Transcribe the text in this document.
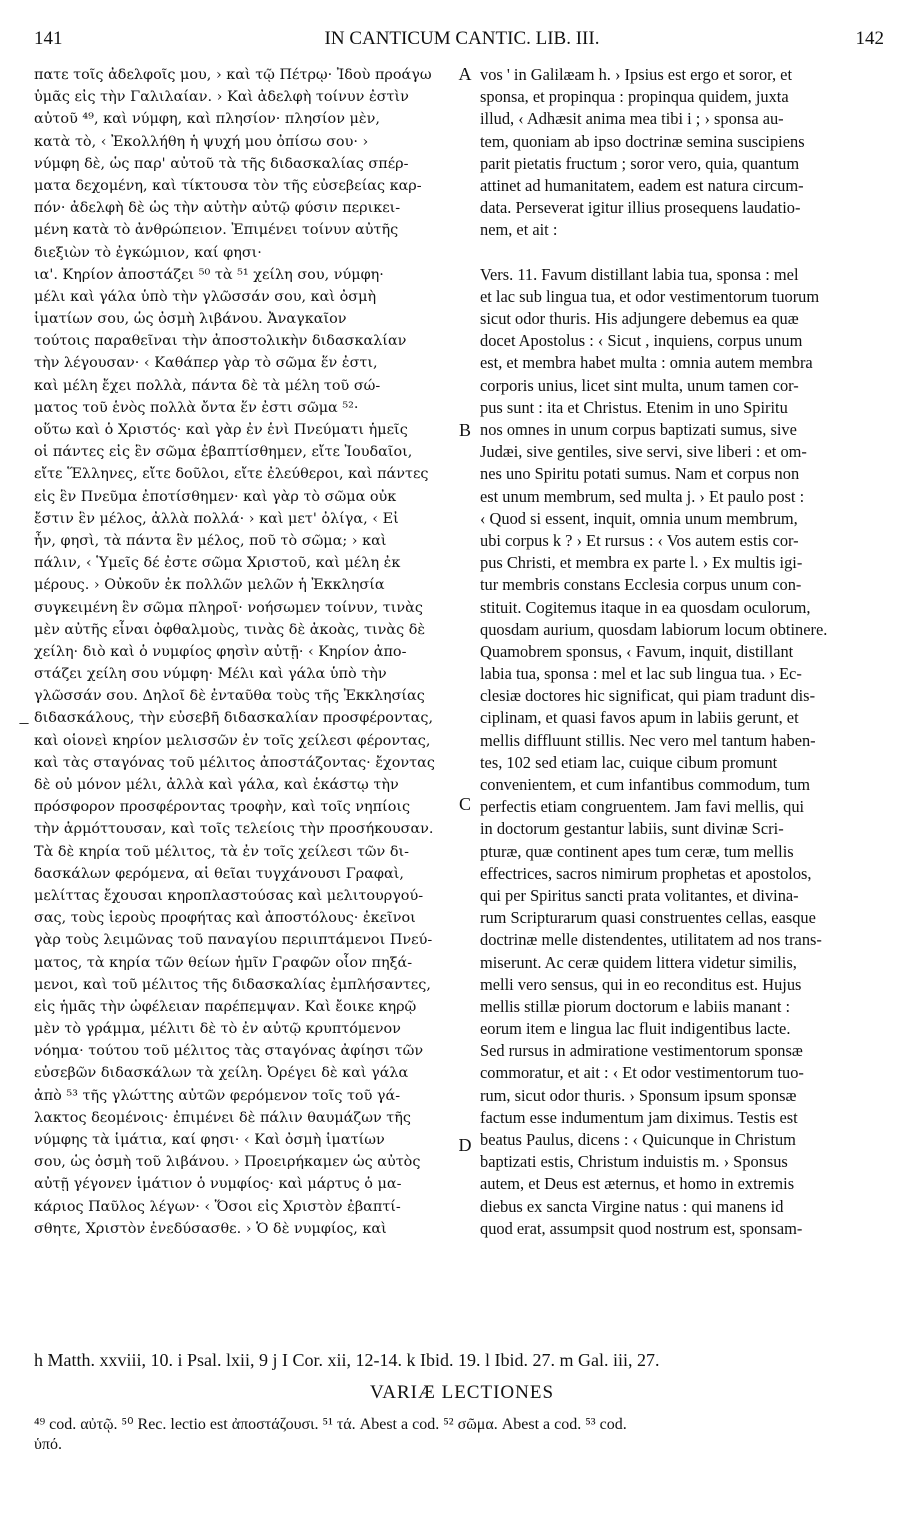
IN CANTICUM CANTIC. LIB. III.
141	142
πατε τοῖς ἀδελφοῖς μου, › καὶ τῷ Πέτρῳ· Ἰδοὺ προάγω
ὑμᾶς εἰς τὴν Γαλιλαίαν. › Καὶ ἀδελφὴ τοίνυν ἐστὶν
αὐτοῦ ⁴⁹, καὶ νύμφη, καὶ πλησίον· πλησίον μὲν,
κατὰ τὸ, ‹ Ἐκολλήθη ἡ ψυχή μου ὀπίσω σου· ›
νύμφη δὲ, ὡς παρ' αὐτοῦ τὰ τῆς διδασκαλίας σπέρ-
ματα δεχομένη, καὶ τίκτουσα τὸν τῆς εὐσεβείας καρ-
πόν· ἀδελφὴ δὲ ὡς τὴν αὐτὴν αὐτῷ φύσιν περικει-
μένη κατὰ τὸ ἀνθρώπειον. Ἐπιμένει τοίνυν αὐτῆς
διεξιὼν τὸ ἐγκώμιον, καί φησι·
ια'. Κηρίον ἀποστάζει ⁵⁰ τὰ ⁵¹ χείλη σου, νύμφη·
μέλι καὶ γάλα ὑπὸ τὴν γλῶσσάν σου, καὶ ὀσμὴ
ἱματίων σου, ὡς ὀσμὴ λιβάνου. Ἀναγκαῖον
τούτοις παραθεῖναι τὴν ἀποστολικὴν διδασκαλίαν
τὴν λέγουσαν· ‹ Καθάπερ γὰρ τὸ σῶμα ἕν ἐστι,
καὶ μέλη ἔχει πολλὰ, πάντα δὲ τὰ μέλη τοῦ σώ-
ματος τοῦ ἑνὸς πολλὰ ὄντα ἕν ἐστι σῶμα ⁵²·
οὕτω καὶ ὁ Χριστός· καὶ γὰρ ἐν ἑνὶ Πνεύματι ἡμεῖς
οἱ πάντες εἰς ἓν σῶμα ἐβαπτίσθημεν, εἴτε Ἰουδαῖοι,
εἴτε Ἕλληνες, εἴτε δοῦλοι, εἴτε ἐλεύθεροι, καὶ πάντες
εἰς ἓν Πνεῦμα ἐποτίσθημεν· καὶ γὰρ τὸ σῶμα οὐκ
ἔστιν ἓν μέλος, ἀλλὰ πολλά· › καὶ μετ' ὀλίγα, ‹ Εἰ
ἦν, φησὶ, τὰ πάντα ἓν μέλος, ποῦ τὸ σῶμα; › καὶ
πάλιν, ‹ Ὑμεῖς δέ ἐστε σῶμα Χριστοῦ, καὶ μέλη ἐκ
μέρους. › Οὐκοῦν ἐκ πολλῶν μελῶν ἡ Ἐκκλησία
συγκειμένη ἓν σῶμα πληροῖ· νοήσωμεν τοίνυν, τινὰς
μὲν αὐτῆς εἶναι ὀφθαλμοὺς, τινὰς δὲ ἀκοὰς, τινὰς δὲ
χείλη· διὸ καὶ ὁ νυμφίος φησὶν αὐτῇ· ‹ Κηρίον ἀπο-
στάζει χείλη σου νύμφη· Μέλι καὶ γάλα ὑπὸ τὴν
γλῶσσάν σου. Δηλοῖ δὲ ἐνταῦθα τοὺς τῆς Ἐκκλησίας
διδασκάλους, τὴν εὐσεβῆ διδασκαλίαν προσφέροντας,
καὶ οἱονεὶ κηρίον μελισσῶν ἐν τοῖς χείλεσι φέροντας,
καὶ τὰς σταγόνας τοῦ μέλιτος ἀποστάζοντας· ἔχοντας
δὲ οὐ μόνον μέλι, ἀλλὰ καὶ γάλα, καὶ ἑκάστῳ τὴν
πρόσφορον προσφέροντας τροφὴν, καὶ τοῖς νηπίοις
τὴν ἁρμόττουσαν, καὶ τοῖς τελείοις τὴν προσήκουσαν.
Τὰ δὲ κηρία τοῦ μέλιτος, τὰ ἐν τοῖς χείλεσι τῶν δι-
δασκάλων φερόμενα, αἱ θεῖαι τυγχάνουσι Γραφαὶ,
μελίττας ἔχουσαι κηροπλαστούσας καὶ μελιτουργού-
σας, τοὺς ἱεροὺς προφήτας καὶ ἀποστόλους· ἐκεῖνοι
γὰρ τοὺς λειμῶνας τοῦ παναγίου περιιπτάμενοι Πνεύ-
ματος, τὰ κηρία τῶν θείων ἡμῖν Γραφῶν οἷον πηξά-
μενοι, καὶ τοῦ μέλιτος τῆς διδασκαλίας ἐμπλήσαντες,
εἰς ἡμᾶς τὴν ὠφέλειαν παρέπεμψαν. Καὶ ἔοικε κηρῷ
μὲν τὸ γράμμα, μέλιτι δὲ τὸ ἐν αὐτῷ κρυπτόμενον
νόημα· τούτου τοῦ μέλιτος τὰς σταγόνας ἀφίησι τῶν
εὐσεβῶν διδασκάλων τὰ χείλη. Ὀρέγει δὲ καὶ γάλα
ἀπὸ ⁵³ τῆς γλώττης αὐτῶν φερόμενον τοῖς τοῦ γά-
λακτος δεομένοις· ἐπιμένει δὲ πάλιν θαυμάζων τῆς
νύμφης τὰ ἱμάτια, καί φησι· ‹ Καὶ ὀσμὴ ἱματίων
σου, ὡς ὀσμὴ τοῦ λιβάνου. › Προειρήκαμεν ὡς αὐτὸς
αὐτῇ γέγονεν ἱμάτιον ὁ νυμφίος· καὶ μάρτυς ὁ μα-
κάριος Παῦλος λέγων· ‹ Ὅσοι εἰς Χριστὸν ἐβαπτί-
σθητε, Χριστὸν ἐνεδύσασθε. › Ὁ δὲ νυμφίος, καὶ
vos ' in Galilæam h. › Ipsius est ergo et soror, et
sponsa, et propinqua : propinqua quidem, juxta
illud, ‹ Adhæsit anima mea tibi i ; › sponsa au-
tem, quoniam ab ipso doctrinæ semina suscipiens
parit pietatis fructum ; soror vero, quia, quantum
attinet ad humanitatem, eadem est natura circum-
data. Perseverat igitur illius prosequens laudatio-
nem, et ait :
Vers. 11. Favum distillant labia tua, sponsa : mel
et lac sub lingua tua, et odor vestimentorum tuorum
sicut odor thuris. His adjungere debemus ea quæ
docet Apostolus : ‹ Sicut , inquiens, corpus unum
est, et membra habet multa : omnia autem membra
corporis unius, licet sint multa, unum tamen cor-
pus sunt : ita et Christus. Etenim in uno Spiritu
nos omnes in unum corpus baptizati sumus, sive
Judæi, sive gentiles, sive servi, sive liberi : et om-
nes uno Spiritu potati sumus. Nam et corpus non
est unum membrum, sed multa j. › Et paulo post :
‹ Quod si essent, inquit, omnia unum membrum,
ubi corpus k ? › Et rursus : ‹ Vos autem estis cor-
pus Christi, et membra ex parte l. › Ex multis igi-
tur membris constans Ecclesia corpus unum con-
stituit. Cogitemus itaque in ea quosdam oculorum,
quosdam aurium, quosdam labiorum locum obtinere.
Quamobrem sponsus, ‹ Favum, inquit, distillant
labia tua, sponsa : mel et lac sub lingua tua. › Ec-
clesiæ doctores hic significat, qui piam tradunt dis-
ciplinam, et quasi favos apum in labiis gerunt, et
mellis diffluunt stillis. Nec vero mel tantum haben-
tes, 102 sed etiam lac, cuique cibum promunt
convenientem, et cum infantibus commodum, tum
perfectis etiam congruentem. Jam favi mellis, qui
in doctorum gestantur labiis, sunt divinæ Scri-
pturæ, quæ continent apes tum ceræ, tum mellis
effectrices, sacros nimirum prophetas et apostolos,
qui per Spiritus sancti prata volitantes, et divina-
rum Scripturarum quasi construentes cellas, easque
doctrinæ melle distendentes, utilitatem ad nos trans-
miserunt. Ac ceræ quidem littera videtur similis,
melli vero sensus, qui in eo reconditus est. Hujus
mellis stillæ piorum doctorum e labiis manant :
eorum item e lingua lac fluit indigentibus lacte.
Sed rursus in admiratione vestimentorum sponsæ
commoratur, et ait : ‹ Et odor vestimentorum tuo-
rum, sicut odor thuris. › Sponsum ipsum sponsæ
factum esse indumentum jam diximus. Testis est
beatus Paulus, dicens : ‹ Quicunque in Christum
baptizati estis, Christum induistis m. › Sponsus
autem, et Deus est æternus, et homo in extremis
diebus ex sancta Virgine natus : qui manens id
quod erat, assumpsit quod nostrum est, sponsam-
A
B
C
D
–
h Matth. xxviii, 10. i Psal. lxii, 9 j I Cor. xii, 12-14. k Ibid. 19. l Ibid. 27. m Gal. iii, 27.
VARIÆ LECTIONES
⁴⁹ cod. αὐτῷ. ⁵⁰ Rec. lectio est ἀποστάζουσι. ⁵¹ τά. Abest a cod. ⁵² σῶμα. Abest a cod. ⁵³ cod.
ὑπό.
